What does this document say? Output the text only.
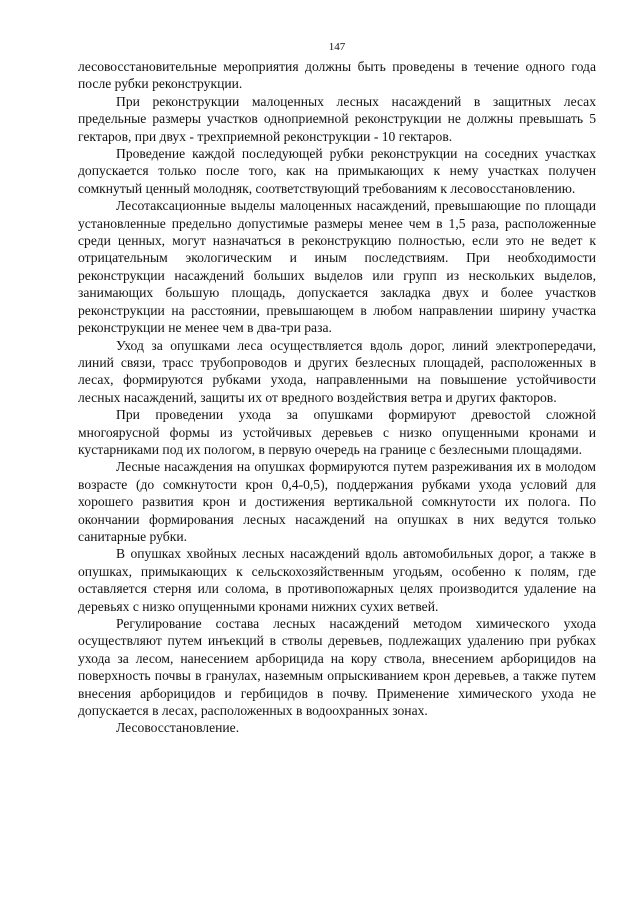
147

лесовосстановительные мероприятия должны быть проведены в течение одного года после рубки реконструкции.

При реконструкции малоценных лесных насаждений в защитных лесах предельные размеры участков одноприемной реконструкции не должны превышать 5 гектаров, при двух - трехприемной реконструкции - 10 гектаров.

Проведение каждой последующей рубки реконструкции на соседних участках допускается только после того, как на примыкающих к нему участках получен сомкнутый ценный молодняк, соответствующий требованиям к лесовосстановлению.

Лесотаксационные выделы малоценных насаждений, превышающие по площади установленные предельно допустимые размеры менее чем в 1,5 раза, расположенные среди ценных, могут назначаться в реконструкцию полностью, если это не ведет к отрицательным экологическим и иным последствиям. При необходимости реконструкции насаждений больших выделов или групп из нескольких выделов, занимающих большую площадь, допускается закладка двух и более участков реконструкции на расстоянии, превышающем в любом направлении ширину участка реконструкции не менее чем в два-три раза.

Уход за опушками леса осуществляется вдоль дорог, линий электропередачи, линий связи, трасс трубопроводов и других безлесных площадей, расположенных в лесах, формируются рубками ухода, направленными на повышение устойчивости лесных насаждений, защиты их от вредного воздействия ветра и других факторов.

При проведении ухода за опушками формируют древостой сложной многоярусной формы из устойчивых деревьев с низко опущенными кронами и кустарниками под их пологом, в первую очередь на границе с безлесными площадями.

Лесные насаждения на опушках формируются путем разреживания их в молодом возрасте (до сомкнутости крон 0,4-0,5), поддержания рубками ухода условий для хорошего развития крон и достижения вертикальной сомкнутости их полога. По окончании формирования лесных насаждений на опушках в них ведутся только санитарные рубки.

В опушках хвойных лесных насаждений вдоль автомобильных дорог, а также в опушках, примыкающих к сельскохозяйственным угодьям, особенно к полям, где оставляется стерня или солома, в противопожарных целях производится удаление на деревьях с низко опущенными кронами нижних сухих ветвей.

Регулирование состава лесных насаждений методом химического ухода осуществляют путем инъекций в стволы деревьев, подлежащих удалению при рубках ухода за лесом, нанесением арборицида на кору ствола, внесением арборицидов на поверхность почвы в гранулах, наземным опрыскиванием крон деревьев, а также путем внесения арборицидов и гербицидов в почву. Применение химического ухода не допускается в лесах, расположенных в водоохранных зонах.

Лесовосстановление.
